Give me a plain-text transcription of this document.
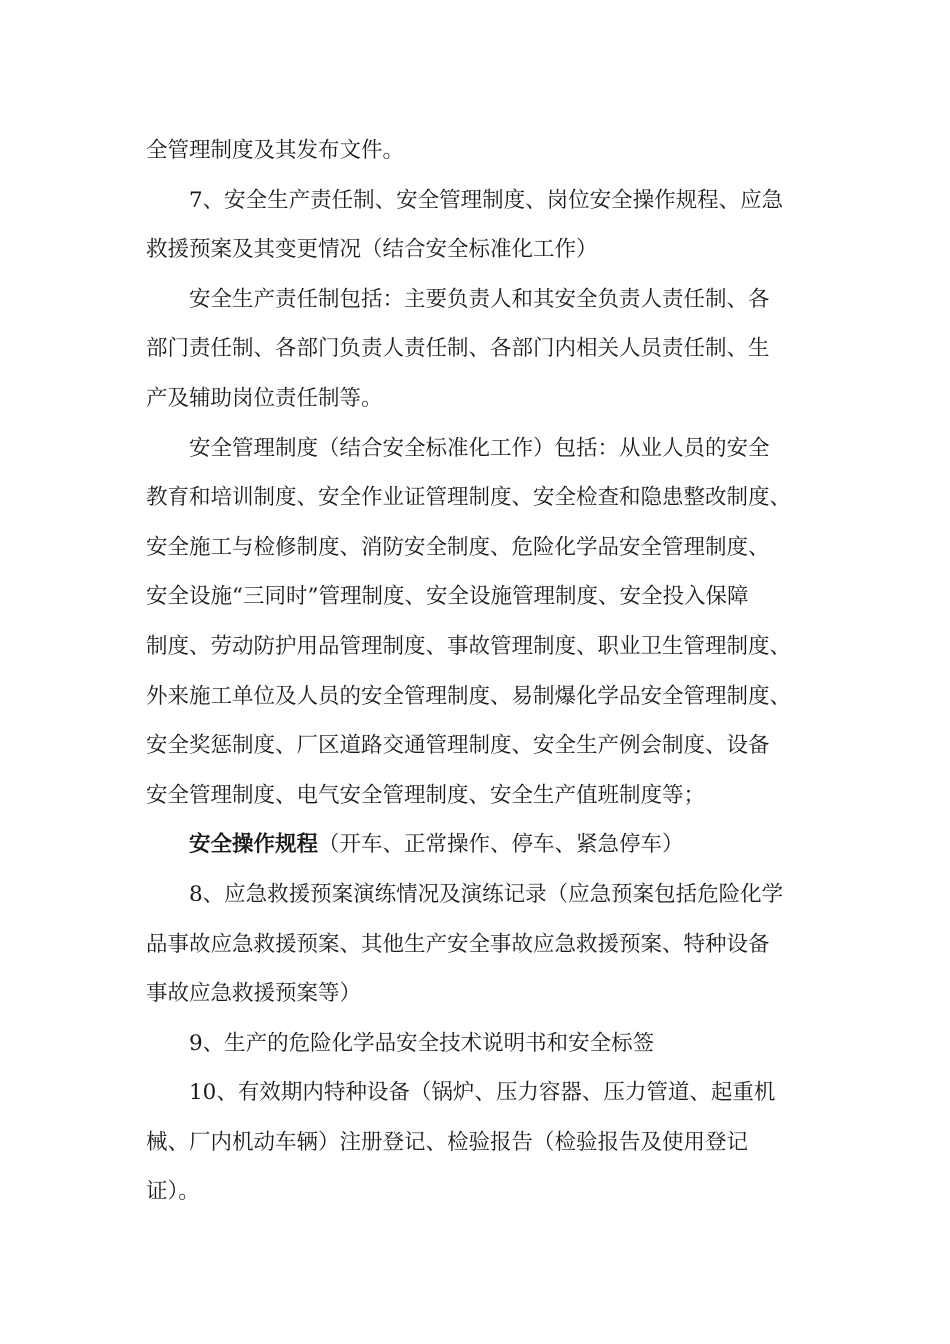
全管理制度及其发布文件。
7、安全生产责任制、安全管理制度、岗位安全操作规程、应急
救援预案及其变更情况（结合安全标准化工作）
安全生产责任制包括：主要负责人和其安全负责人责任制、各
部门责任制、各部门负责人责任制、各部门内相关人员责任制、生
产及辅助岗位责任制等。
安全管理制度（结合安全标准化工作）包括：从业人员的安全
教育和培训制度、安全作业证管理制度、安全检查和隐患整改制度、
安全施工与检修制度、消防安全制度、危险化学品安全管理制度、
安全设施“三同时”管理制度、安全设施管理制度、安全投入保障
制度、劳动防护用品管理制度、事故管理制度、职业卫生管理制度、
外来施工单位及人员的安全管理制度、易制爆化学品安全管理制度、
安全奖惩制度、厂区道路交通管理制度、安全生产例会制度、设备
安全管理制度、电气安全管理制度、安全生产值班制度等；
安全操作规程（开车、正常操作、停车、紧急停车）
8、应急救援预案演练情况及演练记录（应急预案包括危险化学
品事故应急救援预案、其他生产安全事故应急救援预案、特种设备
事故应急救援预案等）
9、生产的危险化学品安全技术说明书和安全标签
10、有效期内特种设备（锅炉、压力容器、压力管道、起重机
械、厂内机动车辆）注册登记、检验报告（检验报告及使用登记
证）。
